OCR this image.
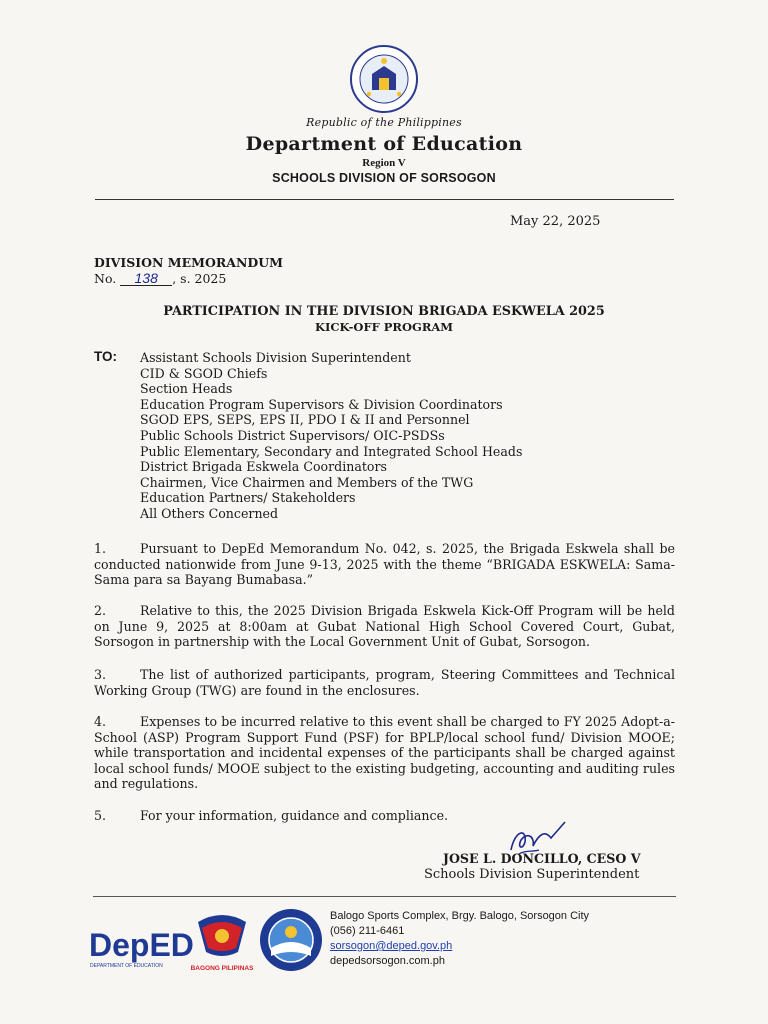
Republic of the Philippines
Department of Education
Region V
SCHOOLS DIVISION OF SORSOGON
May 22, 2025
DIVISION MEMORANDUM
No. 138 , s. 2025
PARTICIPATION IN THE DIVISION BRIGADA ESKWELA 2025
KICK-OFF PROGRAM
TO: Assistant Schools Division Superintendent
CID & SGOD Chiefs
Section Heads
Education Program Supervisors & Division Coordinators
SGOD EPS, SEPS, EPS II, PDO I & II and Personnel
Public Schools District Supervisors/ OIC-PSDSs
Public Elementary, Secondary and Integrated School Heads
District Brigada Eskwela Coordinators
Chairmen, Vice Chairmen and Members of the TWG
Education Partners/ Stakeholders
All Others Concerned
1.	Pursuant to DepEd Memorandum No. 042, s. 2025, the Brigada Eskwela shall be conducted nationwide from June 9-13, 2025 with the theme “BRIGADA ESKWELA: Sama-Sama para sa Bayang Bumabasa.”
2.	Relative to this, the 2025 Division Brigada Eskwela Kick-Off Program will be held on June 9, 2025 at 8:00am at Gubat National High School Covered Court, Gubat, Sorsogon in partnership with the Local Government Unit of Gubat, Sorsogon.
3.	The list of authorized participants, program, Steering Committees and Technical Working Group (TWG) are found in the enclosures.
4.	Expenses to be incurred relative to this event shall be charged to FY 2025 Adopt-a-School (ASP) Program Support Fund (PSF) for BPLP/local school fund/ Division MOOE; while transportation and incidental expenses of the participants shall be charged against local school funds/ MOOE subject to the existing budgeting, accounting and auditing rules and regulations.
5.	For your information, guidance and compliance.
JOSE L. DONCILLO, CESO V
Schools Division Superintendent
DepED
DEPARTMENT OF EDUCATION	BAGONG PILIPINAS
Balogo Sports Complex, Brgy. Balogo, Sorsogon City
(056) 211-6461
sorsogon@deped.gov.ph
depedsorsogon.com.ph
